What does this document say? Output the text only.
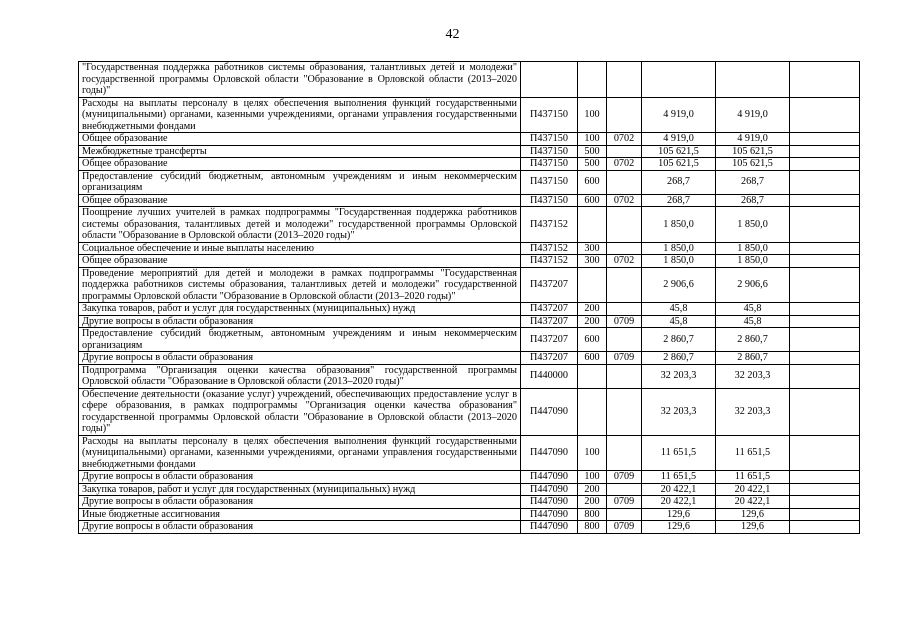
42
"Государственная поддержка работников системы образования, талантливых детей и молодежи" государственной программы Орловской области "Образование в Орловской области (2013–2020 годы)"						
Расходы на выплаты персоналу в целях обеспечения выполнения функций государственными (муниципальными) органами, казенными учреждениями, органами управления государственными внебюджетными фондами	П437150	100		4 919,0	4 919,0	
Общее образование	П437150	100	0702	4 919,0	4 919,0	
Межбюджетные трансферты	П437150	500		105 621,5	105 621,5	
Общее образование	П437150	500	0702	105 621,5	105 621,5	
Предоставление субсидий бюджетным, автономным учреждениям и иным некоммерческим организациям	П437150	600		268,7	268,7	
Общее образование	П437150	600	0702	268,7	268,7	
Поощрение лучших учителей в рамках подпрограммы "Государственная поддержка работников системы образования, талантливых детей и молодежи" государственной программы Орловской области "Образование в Орловской области (2013–2020 годы)"	П437152			1 850,0	1 850,0	
Социальное обеспечение и иные выплаты населению	П437152	300		1 850,0	1 850,0	
Общее образование	П437152	300	0702	1 850,0	1 850,0	
Проведение мероприятий для детей и молодежи в рамках подпрограммы "Государственная поддержка работников системы образования, талантливых детей и молодежи" государственной программы Орловской области "Образование в Орловской области (2013–2020 годы)"	П437207			2 906,6	2 906,6	
Закупка товаров, работ и услуг для государственных (муниципальных) нужд	П437207	200		45,8	45,8	
Другие вопросы в области образования	П437207	200	0709	45,8	45,8	
Предоставление субсидий бюджетным, автономным учреждениям и иным некоммерческим организациям	П437207	600		2 860,7	2 860,7	
Другие вопросы в области образования	П437207	600	0709	2 860,7	2 860,7	
Подпрограмма "Организация оценки качества образования" государственной программы Орловской области "Образование в Орловской области (2013–2020 годы)"	П440000			32 203,3	32 203,3	
Обеспечение деятельности (оказание услуг) учреждений, обеспечивающих предоставление услуг в сфере образования, в рамках подпрограммы "Организация оценки качества образования" государственной программы Орловской области "Образование в Орловской области (2013–2020 годы)"	П447090			32 203,3	32 203,3	
Расходы на выплаты персоналу в целях обеспечения выполнения функций государственными (муниципальными) органами, казенными учреждениями, органами управления государственными внебюджетными фондами	П447090	100		11 651,5	11 651,5	
Другие вопросы в области образования	П447090	100	0709	11 651,5	11 651,5	
Закупка товаров, работ и услуг для государственных (муниципальных) нужд	П447090	200		20 422,1	20 422,1	
Другие вопросы в области образования	П447090	200	0709	20 422,1	20 422,1	
Иные бюджетные ассигнования	П447090	800		129,6	129,6	
Другие вопросы в области образования	П447090	800	0709	129,6	129,6	
